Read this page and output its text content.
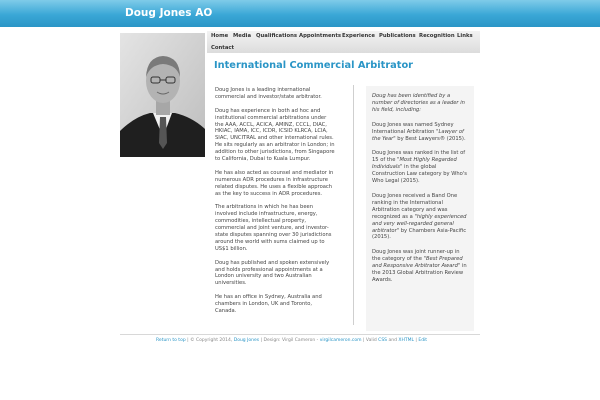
Doug Jones AO
Home Media Qualifications Appointments Experience Publications Recognition Links
Contact
International Commercial Arbitrator

Doug Jones is a leading international commercial and investor/state arbitrator.

Doug has experience in both ad hoc and institutional commercial arbitrations under the AAA, ACCL, ACICA, AMINZ, CCCL, DIAC, HKIAC, IAMA, ICC, ICDR, ICSID KLRCA, LCIA, SIAC, UNCITRAL and other international rules. He sits regularly as an arbitrator in London; in addition to other jurisdictions, from Singapore to California, Dubai to Kuala Lumpur.

He has also acted as counsel and mediator in numerous ADR procedures in infrastructure related disputes. He uses a flexible approach as the key to success in ADR procedures.

The arbitrations in which he has been involved include infrastructure, energy, commodities, intellectual property, commercial and joint venture, and investor-state disputes spanning over 30 jurisdictions around the world with sums claimed up to US$1 billion.

Doug has published and spoken extensively and holds professional appointments at a London university and two Australian universities.

He has an office in Sydney, Australia and chambers in London, UK and Toronto, Canada.

Doug has been identified by a number of directories as a leader in his field, including:

Doug Jones was named Sydney International Arbitration "Lawyer of the Year" by Best Lawyers® (2015).

Doug Jones was ranked in the list of 15 of the "Most Highly Regarded Individuals" in the global Construction Law category by Who's Who Legal (2015).

Doug Jones received a Band One ranking in the International Arbitration category and was recognized as a "highly experienced and very well-regarded general arbitrator" by Chambers Asia-Pacific (2015).

Doug Jones was joint runner-up in the category of the "Best Prepared and Responsive Arbitrator Award" in the 2013 Global Arbitration Review Awards.

Return to top | © Copyright 2014, Doug Jones | Design: Virgil Cameron - virgilcameron.com | Valid CSS and XHTML | Edit
